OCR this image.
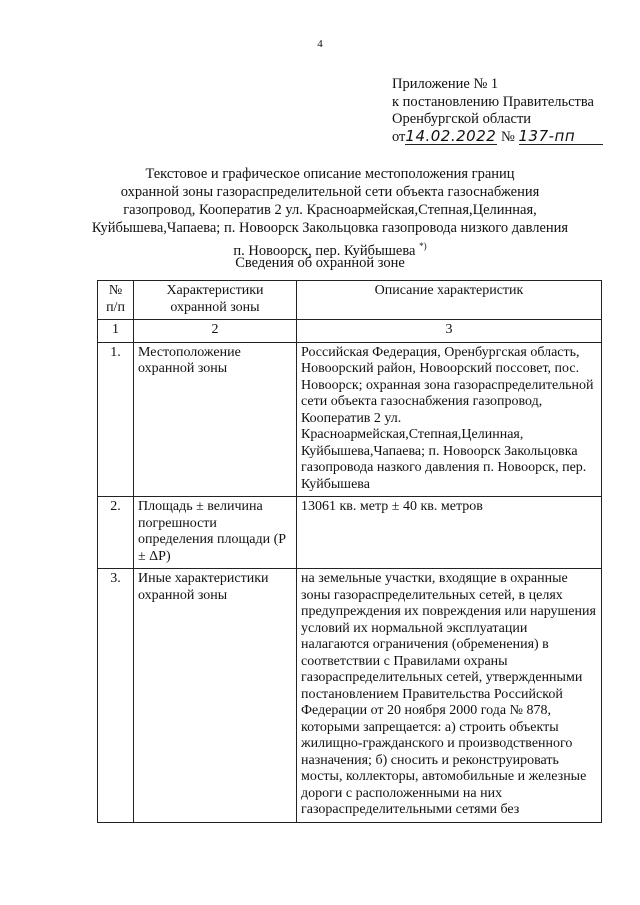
4
Приложение № 1
к постановлению Правительства
Оренбургской области
от14.02.2022 № 137-пп
Текстовое и графическое описание местоположения границ
охранной зоны газораспределительной сети объекта газоснабжения
газопровод, Кооператив 2 ул. Красноармейская,Степная,Целинная,
Куйбышева,Чапаева; п. Новоорск Закольцовка газопровода низкого давления
п. Новоорск, пер. Куйбышева *)
Сведения об охранной зоне
№ п/п	Характеристики охранной зоны	Описание характеристик
1	2	3
1.	Местоположение охранной зоны	Российская Федерация, Оренбургская область, Новоорский район, Новоорский поссовет, пос. Новоорск; охранная зона газораспределительной сети объекта газоснабжения газопровод, Кооператив 2 ул. Красноармейская,Степная,Целинная, Куйбышева,Чапаева; п. Новоорск Закольцовка газопровода назкого давления п. Новоорск, пер. Куйбышева
2.	Площадь ± величина погрешности определения площади (P ± ΔP)	13061 кв. метр ± 40 кв. метров
3.	Иные характеристики охранной зоны	на земельные участки, входящие в охранные зоны газораспределительных сетей, в целях предупреждения их повреждения или нарушения условий их нормальной эксплуатации налагаются ограничения (обременения) в соответствии с Правилами охраны газораспределительных сетей, утвержденными постановлением Правительства Российской Федерации от 20 ноября 2000 года № 878, которыми запрещается: а) строить объекты жилищно-гражданского и производственного назначения; б) сносить и реконструировать мосты, коллекторы, автомобильные и железные дороги с расположенными на них газораспределительными сетями без
